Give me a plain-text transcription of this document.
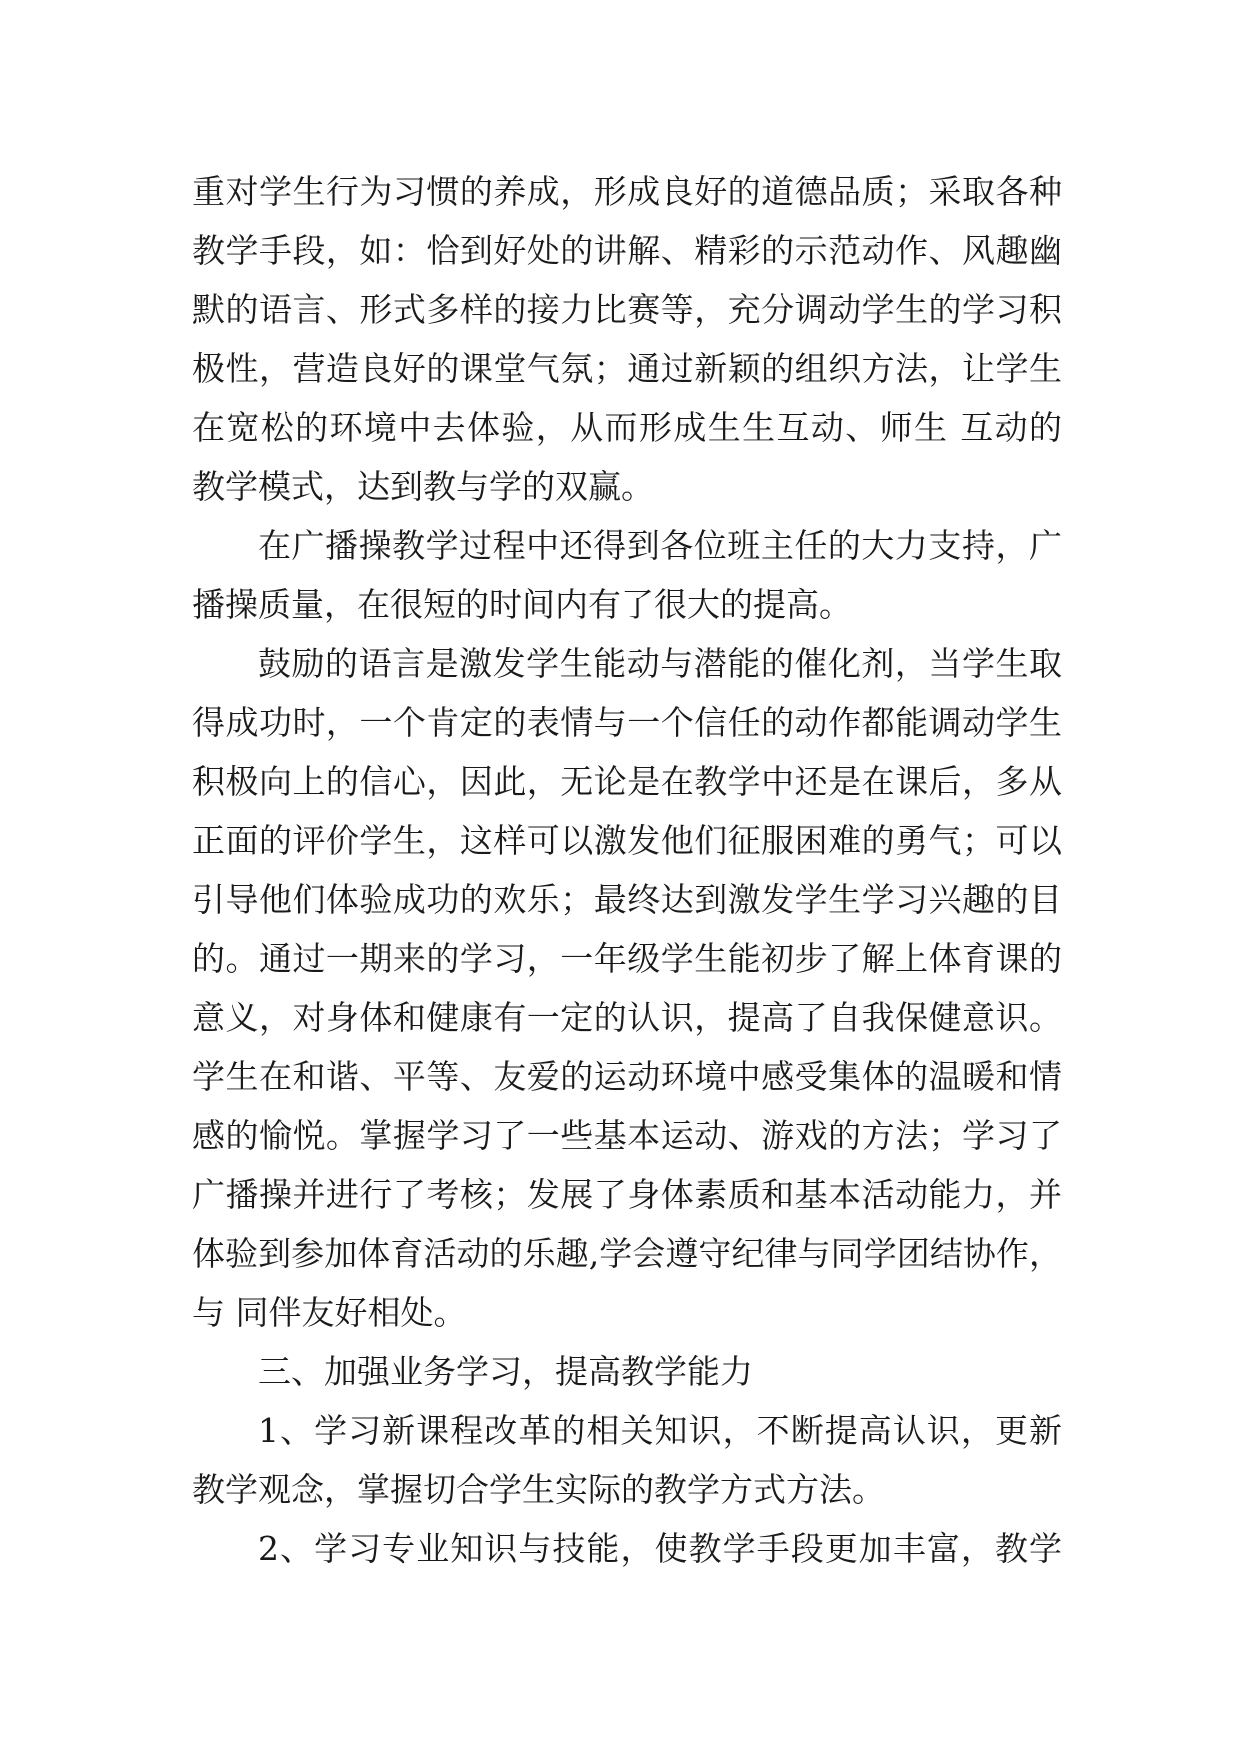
重对学生行为习惯的养成，形成良好的道德品质；采取各种
教学手段，如：恰到好处的讲解、精彩的示范动作、风趣幽
默的语言、形式多样的接力比赛等，充分调动学生的学习积
极性，营造良好的课堂气氛；通过新颖的组织方法，让学生
在宽松的环境中去体验，从而形成生生互动、师生 互动的
教学模式，达到教与学的双赢。
在广播操教学过程中还得到各位班主任的大力支持，广
播操质量，在很短的时间内有了很大的提高。
鼓励的语言是激发学生能动与潜能的催化剂，当学生取
得成功时，一个肯定的表情与一个信任的动作都能调动学生
积极向上的信心，因此，无论是在教学中还是在课后，多从
正面的评价学生，这样可以激发他们征服困难的勇气；可以
引导他们体验成功的欢乐；最终达到激发学生学习兴趣的目
的。通过一期来的学习，一年级学生能初步了解上体育课的
意义，对身体和健康有一定的认识，提高了自我保健意识。
学生在和谐、平等、友爱的运动环境中感受集体的温暖和情
感的愉悦。掌握学习了一些基本运动、游戏的方法；学习了
广播操并进行了考核；发展了身体素质和基本活动能力，并
体验到参加体育活动的乐趣,学会遵守纪律与同学团结协作，
与 同伴友好相处。
三、加强业务学习，提高教学能力
1、学习新课程改革的相关知识，不断提高认识，更新
教学观念，掌握切合学生实际的教学方式方法。
2、学习专业知识与技能，使教学手段更加丰富，教学
